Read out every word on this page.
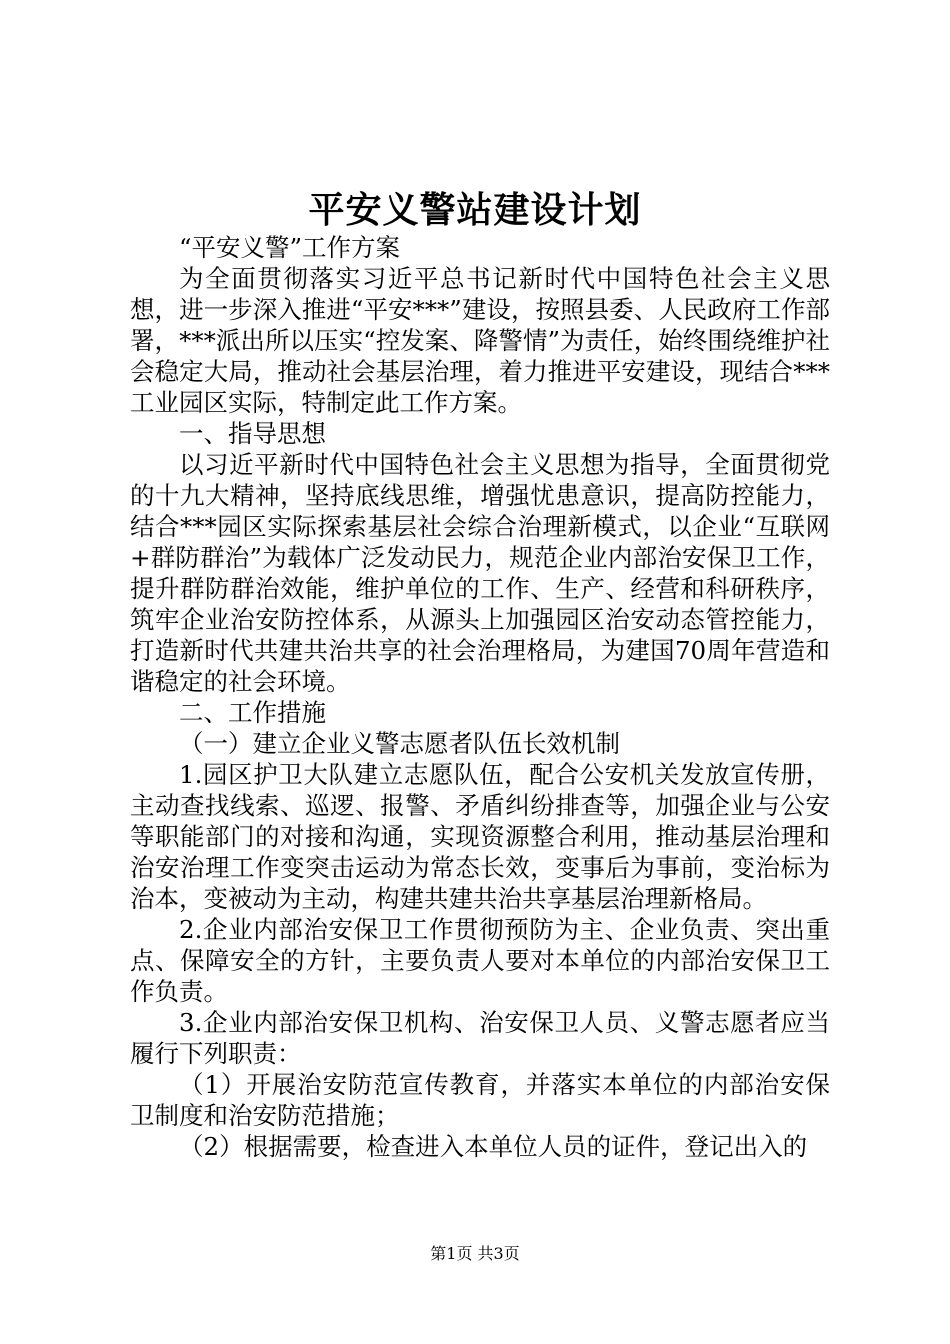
平安义警站建设计划

“平安义警”工作方案

为全面贯彻落实习近平总书记新时代中国特色社会主义思想，进一步深入推进“平安***”建设，按照县委、人民政府工作部署，***派出所以压实“控发案、降警情”为责任，始终围绕维护社会稳定大局，推动社会基层治理，着力推进平安建设，现结合***工业园区实际，特制定此工作方案。

一、指导思想

以习近平新时代中国特色社会主义思想为指导，全面贯彻党的十九大精神，坚持底线思维，增强忧患意识，提高防控能力，结合***园区实际探索基层社会综合治理新模式，以企业“互联网+群防群治”为载体广泛发动民力，规范企业内部治安保卫工作，提升群防群治效能，维护单位的工作、生产、经营和科研秩序，筑牢企业治安防控体系，从源头上加强园区治安动态管控能力，打造新时代共建共治共享的社会治理格局，为建国70周年营造和谐稳定的社会环境。

二、工作措施

（一）建立企业义警志愿者队伍长效机制

1.园区护卫大队建立志愿队伍，配合公安机关发放宣传册，主动查找线索、巡逻、报警、矛盾纠纷排查等，加强企业与公安等职能部门的对接和沟通，实现资源整合利用，推动基层治理和治安治理工作变突击运动为常态长效，变事后为事前，变治标为治本，变被动为主动，构建共建共治共享基层治理新格局。

2.企业内部治安保卫工作贯彻预防为主、企业负责、突出重点、保障安全的方针，主要负责人要对本单位的内部治安保卫工作负责。

3.企业内部治安保卫机构、治安保卫人员、义警志愿者应当履行下列职责：

（1）开展治安防范宣传教育，并落实本单位的内部治安保卫制度和治安防范措施；

（2）根据需要，检查进入本单位人员的证件，登记出入的

第1页 共3页
